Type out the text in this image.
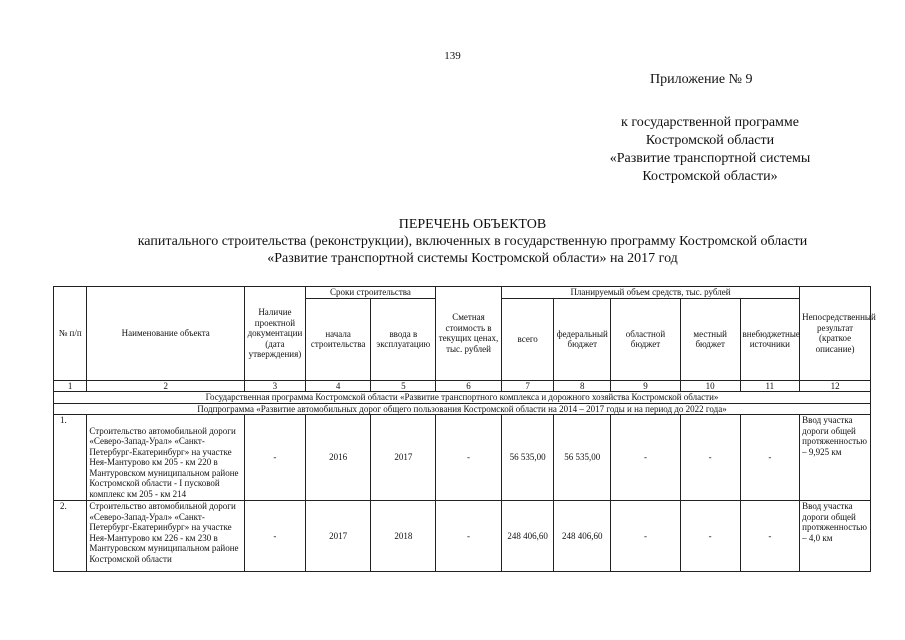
139
Приложение № 9
к государственной программе
Костромской области
«Развитие транспортной системы
Костромской области»
ПЕРЕЧЕНЬ ОБЪЕКТОВ
капитального строительства (реконструкции), включенных в государственную программу Костромской области
«Развитие транспортной системы Костромской области» на 2017 год
№ п/п	Наименование объекта	Наличие проектной документации (дата утверждения)	Сроки строительства		Сметная стоимость в текущих ценах, тыс. рублей	Планируемый объем средств, тыс. рублей					Непосредственный результат (краткое описание)
			начала строительства	ввода в эксплуатацию		всего	федеральный бюджет	областной бюджет	местный бюджет	внебюджетные источники	
1	2	3	4	5	6	7	8	9	10	11	12
Государственная программа Костромской области «Развитие транспортного комплекса и дорожного хозяйства Костромской области»											
Подпрограмма «Развитие автомобильных дорог общего пользования Костромской области на 2014 – 2017 годы и на период до 2022 года»											
1.	Строительство автомобильной дороги «Северо-Запад-Урал» «Санкт-Петербург-Екатеринбург» на участке Нея-Мантурово км 205 - км 220 в Мантуровском муниципальном районе Костромской области - I пусковой комплекс км 205 - км 214	-	2016	2017	-	56 535,00	56 535,00	-	-	-	Ввод участка дороги общей протяженностью – 9,925 км
2.	Строительство автомобильной дороги «Северо-Запад-Урал» «Санкт-Петербург-Екатеринбург» на участке Нея-Мантурово км 226 - км 230 в Мантуровском муниципальном районе Костромской области	-	2017	2018	-	248 406,60	248 406,60	-	-	-	Ввод участка дороги общей протяженностью – 4,0 км
